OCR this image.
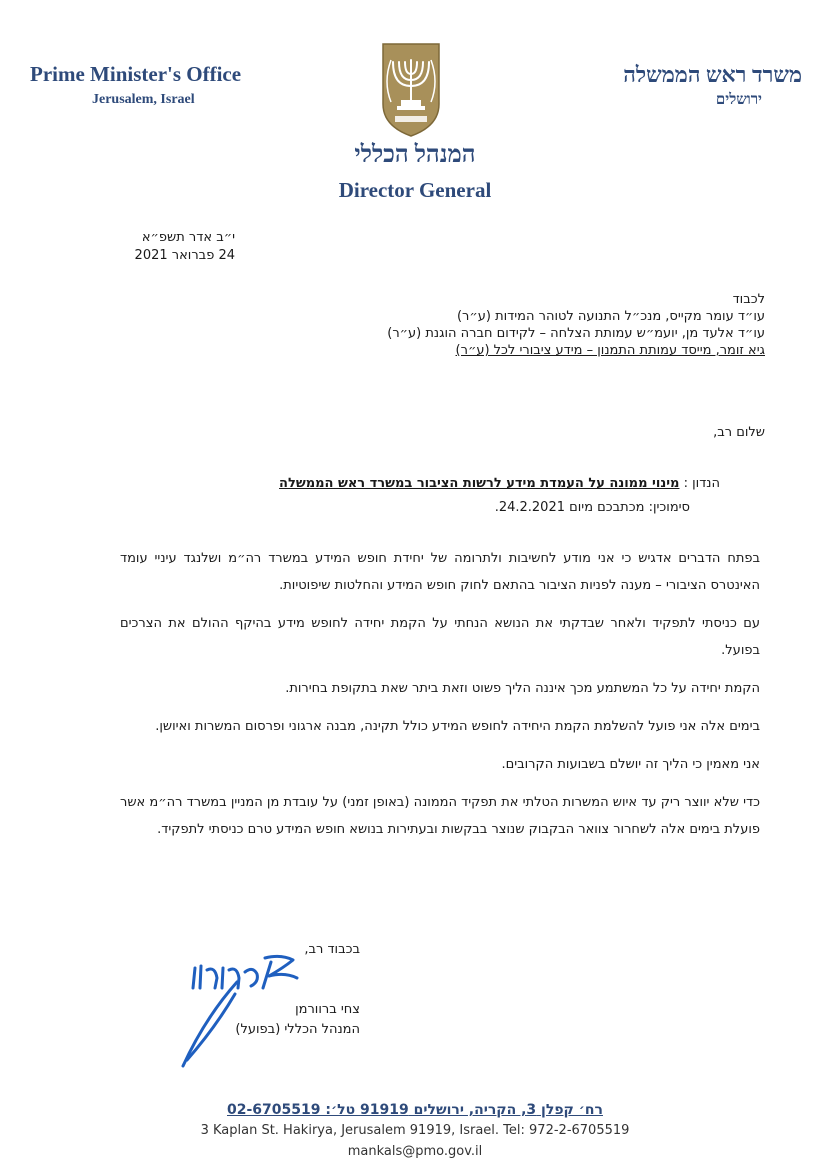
Prime Minister's Office
Jerusalem, Israel
משרד ראש הממשלה
ירושלים
המנהל הכללי
Director General
י״ב אדר תשפ״א
24 פברואר 2021
לכבוד
עו״ד עומר מקייס, מנכ״ל התנועה לטוהר המידות (ע״ר)
עו״ד אלעד מן, יועמ״ש עמותת הצלחה – לקידום חברה הוגנת (ע״ר)
גיא זומר, מייסד עמותת התמנון – מידע ציבורי לכל (ע״ר)
שלום רב,
הנדון : מינוי ממונה על העמדת מידע לרשות הציבור במשרד ראש הממשלה
סימוכין: מכתבכם מיום 24.2.2021.

בפתח הדברים אדגיש כי אני מודע לחשיבות ולתרומה של יחידת חופש המידע במשרד רה״מ ושלנגד עיניי עומד האינטרס הציבורי – מענה לפניות הציבור בהתאם לחוק חופש המידע והחלטות שיפוטיות.

עם כניסתי לתפקיד ולאחר שבדקתי את הנושא הנחתי על הקמת יחידה לחופש מידע בהיקף ההולם את הצרכים בפועל.

הקמת יחידה על כל המשתמע מכך איננה הליך פשוט וזאת ביתר שאת בתקופת בחירות.

בימים אלה אני פועל להשלמת הקמת היחידה לחופש המידע כולל תקינה, מבנה ארגוני ופרסום המשרות ואיושן.

אני מאמין כי הליך זה יושלם בשבועות הקרובים.

כדי שלא יווצר ריק עד איוש המשרות הטלתי את תפקיד הממונה (באופן זמני) על עובדת מן המניין במשרד רה״מ אשר פועלת בימים אלה לשחרור צוואר הבקבוק שנוצר בבקשות ובעתירות בנושא חופש המידע טרם כניסתי לתפקיד.

בכבוד רב,
צחי ברוורמן
המנהל הכללי (בפועל)
רח׳ קפלן 3, הקריה, ירושלים 91919 טל׳: 02-6705519
3 Kaplan St. Hakirya, Jerusalem 91919, Israel. Tel: 972-2-6705519
mankals@pmo.gov.il
